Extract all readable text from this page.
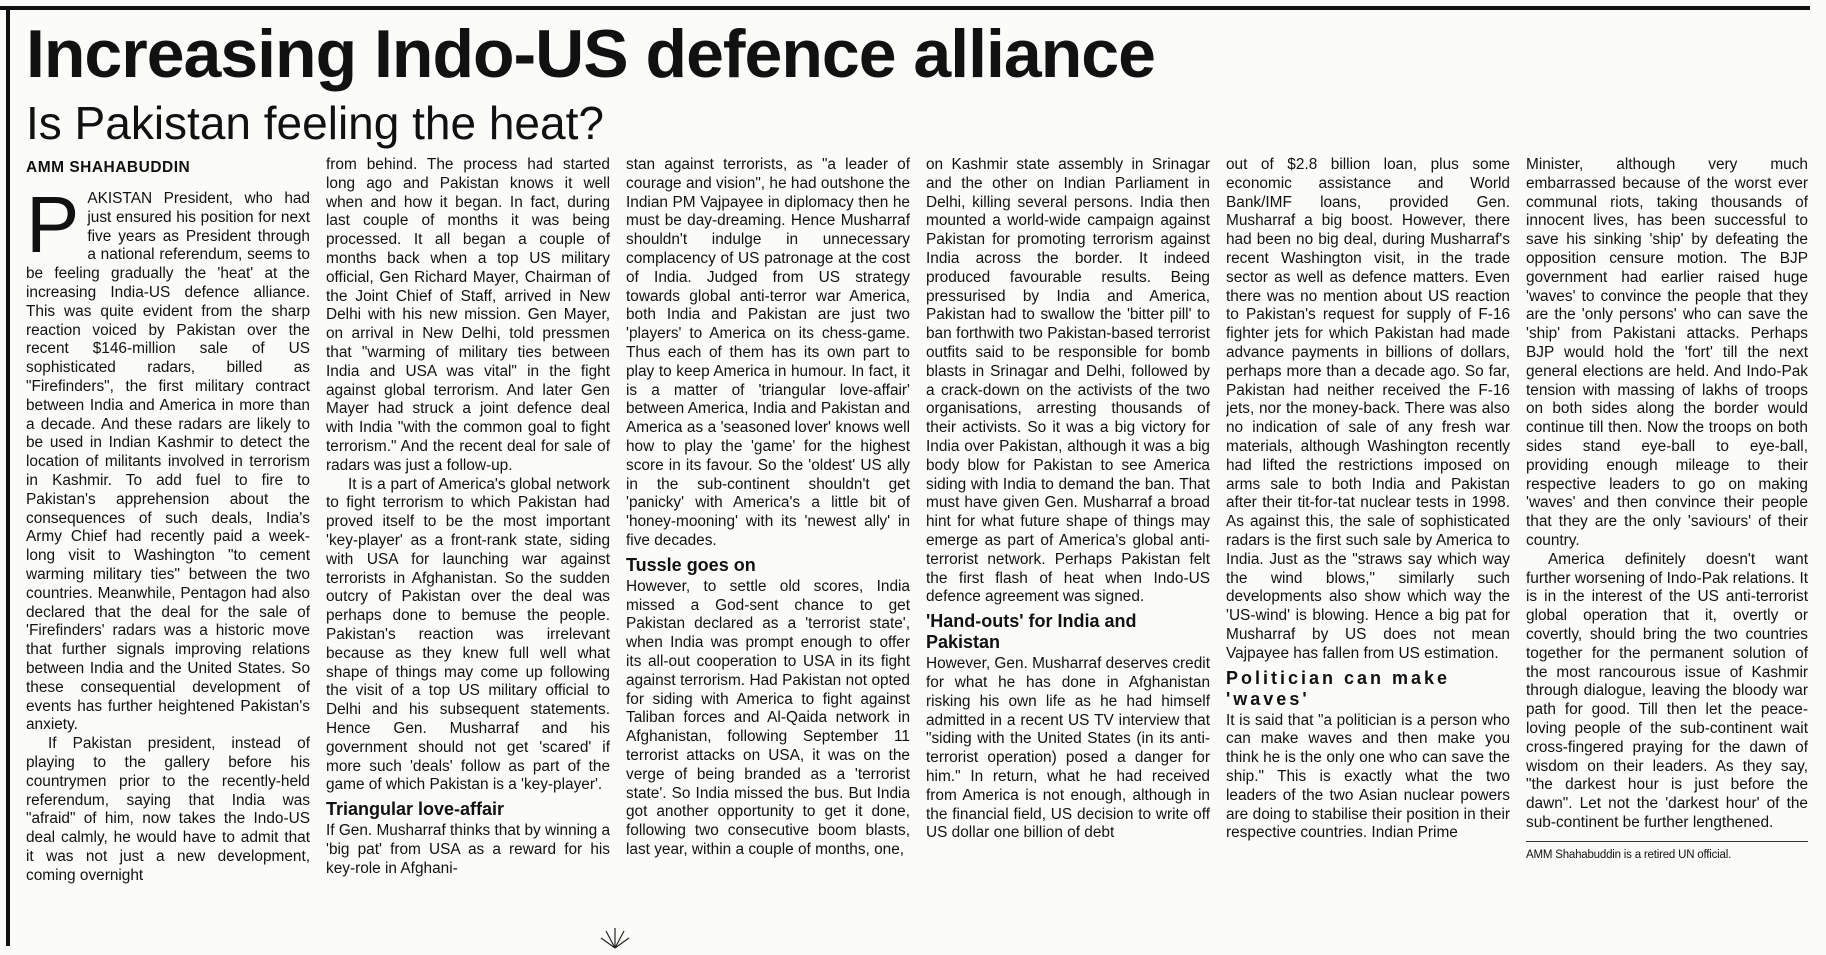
Increasing Indo-US defence alliance
Is Pakistan feeling the heat?
AMM SHAHABUDDIN

PAKISTAN President, who had just ensured his position for next five years as President through a national referendum, seems to be feeling gradually the 'heat' at the increasing India-US defence alliance. This was quite evident from the sharp reaction voiced by Pakistan over the recent $146-million sale of US sophisticated radars, billed as "Firefinders", the first military contract between India and America in more than a decade. And these radars are likely to be used in Indian Kashmir to detect the location of militants involved in terrorism in Kashmir. To add fuel to fire to Pakistan's apprehension about the consequences of such deals, India's Army Chief had recently paid a week-long visit to Washington "to cement warming military ties" between the two countries. Meanwhile, Pentagon had also declared that the deal for the sale of 'Firefinders' radars was a historic move that further signals improving relations between India and the United States. So these consequential development of events has further heightened Pakistan's anxiety.

If Pakistan president, instead of playing to the gallery before his countrymen prior to the recently-held referendum, saying that India was "afraid" of him, now takes the Indo-US deal calmly, he would have to admit that it was not just a new development, coming overnight

from behind. The process had started long ago and Pakistan knows it well when and how it began. In fact, during last couple of months it was being processed. It all began a couple of months back when a top US military official, Gen Richard Mayer, Chairman of the Joint Chief of Staff, arrived in New Delhi with his new mission. Gen Mayer, on arrival in New Delhi, told pressmen that "warming of military ties between India and USA was vital" in the fight against global terrorism. And later Gen Mayer had struck a joint defence deal with India "with the common goal to fight terrorism." And the recent deal for sale of radars was just a follow-up.

It is a part of America's global network to fight terrorism to which Pakistan had proved itself to be the most important 'key-player' as a front-rank state, siding with USA for launching war against terrorists in Afghanistan. So the sudden outcry of Pakistan over the deal was perhaps done to bemuse the people. Pakistan's reaction was irrelevant because as they knew full well what shape of things may come up following the visit of a top US military official to Delhi and his subsequent statements. Hence Gen. Musharraf and his government should not get 'scared' if more such 'deals' follow as part of the game of which Pakistan is a 'key-player'.

Triangular love-affair

If Gen. Musharraf thinks that by winning a 'big pat' from USA as a reward for his key-role in Afghani-

stan against terrorists, as "a leader of courage and vision", he had outshone the Indian PM Vajpayee in diplomacy then he must be day-dreaming. Hence Musharraf shouldn't indulge in unnecessary complacency of US patronage at the cost of India. Judged from US strategy towards global anti-terror war America, both India and Pakistan are just two 'players' to America on its chess-game. Thus each of them has its own part to play to keep America in humour. In fact, it is a matter of 'triangular love-affair' between America, India and Pakistan and America as a 'seasoned lover' knows well how to play the 'game' for the highest score in its favour. So the 'oldest' US ally in the sub-continent shouldn't get 'panicky' with America's a little bit of 'honey-mooning' with its 'newest ally' in five decades.

Tussle goes on

However, to settle old scores, India missed a God-sent chance to get Pakistan declared as a 'terrorist state', when India was prompt enough to offer its all-out cooperation to USA in its fight against terrorism. Had Pakistan not opted for siding with America to fight against Taliban forces and Al-Qaida network in Afghanistan, following September 11 terrorist attacks on USA, it was on the verge of being branded as a 'terrorist state'. So India missed the bus. But India got another opportunity to get it done, following two consecutive boom blasts, last year, within a couple of months, one,

on Kashmir state assembly in Srinagar and the other on Indian Parliament in Delhi, killing several persons. India then mounted a world-wide campaign against Pakistan for promoting terrorism against India across the border. It indeed produced favourable results. Being pressurised by India and America, Pakistan had to swallow the 'bitter pill' to ban forthwith two Pakistan-based terrorist outfits said to be responsible for bomb blasts in Srinagar and Delhi, followed by a crack-down on the activists of the two organisations, arresting thousands of their activists. So it was a big victory for India over Pakistan, although it was a big body blow for Pakistan to see America siding with India to demand the ban. That must have given Gen. Musharraf a broad hint for what future shape of things may emerge as part of America's global anti-terrorist network. Perhaps Pakistan felt the first flash of heat when Indo-US defence agreement was signed.

'Hand-outs' for India and Pakistan

However, Gen. Musharraf deserves credit for what he has done in Afghanistan risking his own life as he had himself admitted in a recent US TV interview that "siding with the United States (in its anti-terrorist operation) posed a danger for him." In return, what he had received from America is not enough, although in the financial field, US decision to write off US dollar one billion of debt

out of $2.8 billion loan, plus some economic assistance and World Bank/IMF loans, provided Gen. Musharraf a big boost. However, there had been no big deal, during Musharraf's recent Washington visit, in the trade sector as well as defence matters. Even there was no mention about US reaction to Pakistan's request for supply of F-16 fighter jets for which Pakistan had made advance payments in billions of dollars, perhaps more than a decade ago. So far, Pakistan had neither received the F-16 jets, nor the money-back. There was also no indication of sale of any fresh war materials, although Washington recently had lifted the restrictions imposed on arms sale to both India and Pakistan after their tit-for-tat nuclear tests in 1998. As against this, the sale of sophisticated radars is the first such sale by America to India. Just as the "straws say which way the wind blows," similarly such developments also show which way the 'US-wind' is blowing. Hence a big pat for Musharraf by US does not mean Vajpayee has fallen from US estimation.

Politician can make 'waves'

It is said that "a politician is a person who can make waves and then make you think he is the only one who can save the ship." This is exactly what the two leaders of the two Asian nuclear powers are doing to stabilise their position in their respective countries. Indian Prime

Minister, although very much embarrassed because of the worst ever communal riots, taking thousands of innocent lives, has been successful to save his sinking 'ship' by defeating the opposition censure motion. The BJP government had earlier raised huge 'waves' to convince the people that they are the 'only persons' who can save the 'ship' from Pakistani attacks. Perhaps BJP would hold the 'fort' till the next general elections are held. And Indo-Pak tension with massing of lakhs of troops on both sides along the border would continue till then. Now the troops on both sides stand eye-ball to eye-ball, providing enough mileage to their respective leaders to go on making 'waves' and then convince their people that they are the only 'saviours' of their country.

America definitely doesn't want further worsening of Indo-Pak relations. It is in the interest of the US anti-terrorist global operation that it, overtly or covertly, should bring the two countries together for the permanent solution of the most rancourous issue of Kashmir through dialogue, leaving the bloody war path for good. Till then let the peace-loving people of the sub-continent wait cross-fingered praying for the dawn of wisdom on their leaders. As they say, "the darkest hour is just before the dawn". Let not the 'darkest hour' of the sub-continent be further lengthened.

AMM Shahabuddin is a retired UN official.
